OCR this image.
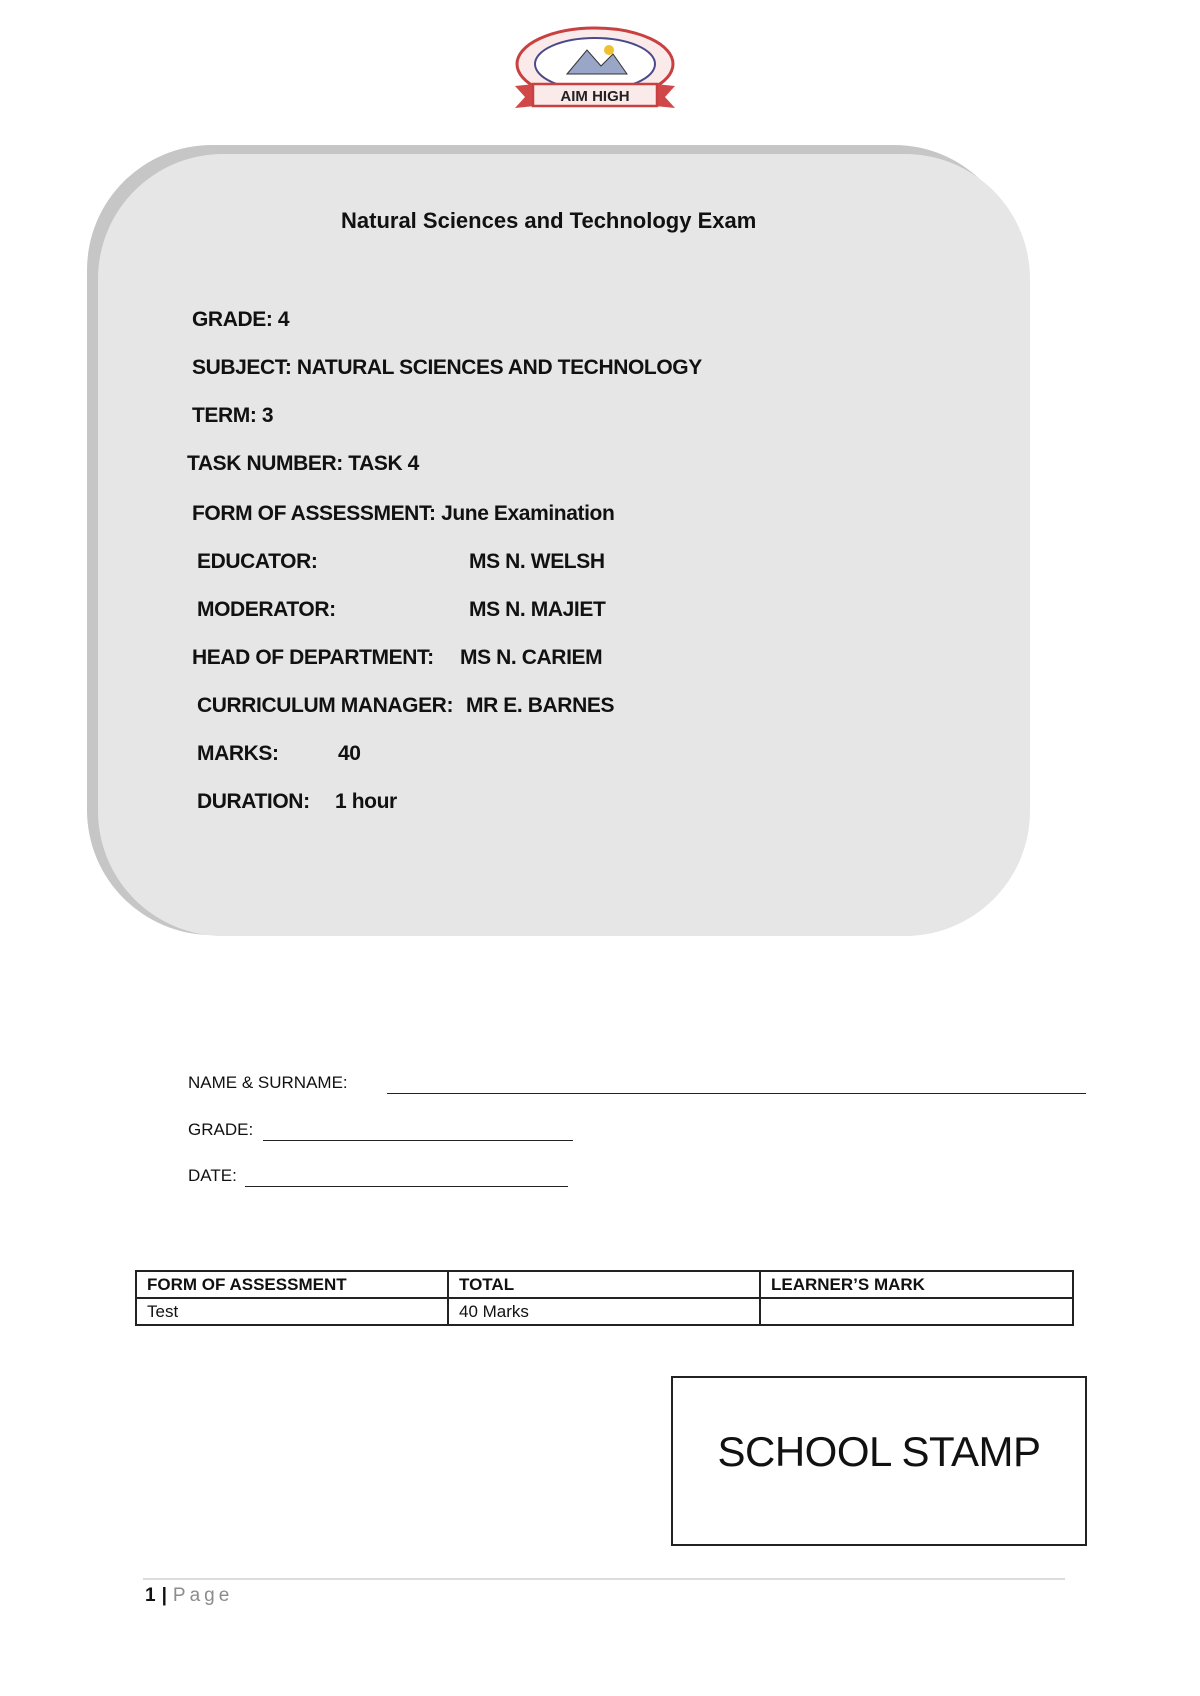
AIM HIGH
Natural Sciences and Technology Exam
GRADE: 4
SUBJECT: NATURAL SCIENCES AND TECHNOLOGY
TERM: 3
TASK NUMBER: TASK 4
FORM OF ASSESSMENT: June Examination
EDUCATOR:	MS N. WELSH
MODERATOR:	MS N. MAJIET
HEAD OF DEPARTMENT: MS N. CARIEM
CURRICULUM MANAGER: MR E. BARNES
MARKS:	40
DURATION: 1 hour
NAME & SURNAME:
GRADE:
DATE:
FORM OF ASSESSMENT	TOTAL	LEARNER’S MARK
Test	40 Marks	
SCHOOL STAMP
1 | Page
